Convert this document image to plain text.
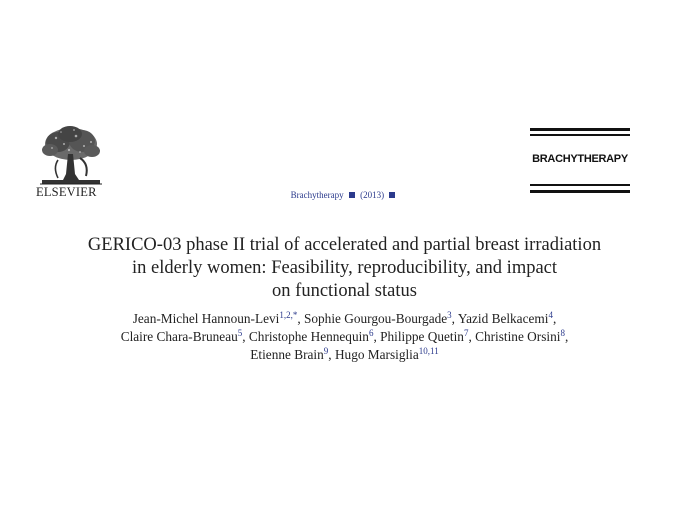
ELSEVIER	Brachytherapy (2013)
BRACHYTHERAPY
GERICO-03 phase II trial of accelerated and partial breast irradiation
in elderly women: Feasibility, reproducibility, and impact
on functional status
Jean-Michel Hannoun-Levi$^{1,2,*}$, Sophie Gourgou-Bourgade$^3$, Yazid Belkacemi$^4$,
Claire Chara-Bruneau$^5$, Christophe Hennequin$^6$, Philippe Quetin$^7$, Christine Orsini$^8$,
Etienne Brain$^9$, Hugo Marsiglia$^{10,11}$
